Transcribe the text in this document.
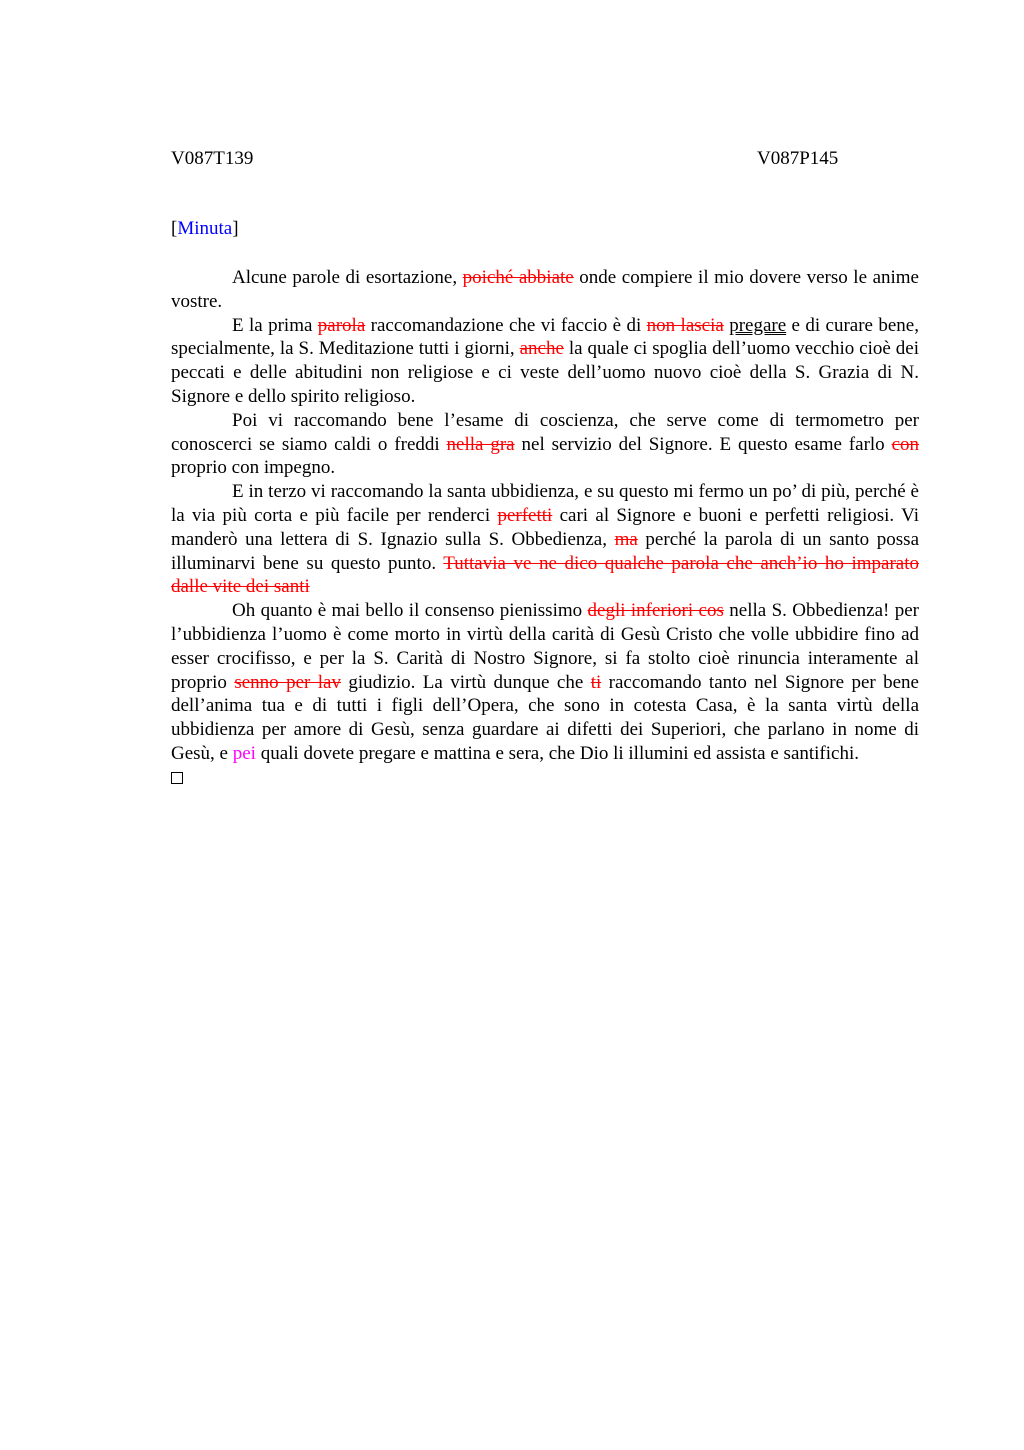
V087T139	V087P145
[Minuta]

Alcune parole di esortazione, poiché abbiate onde compiere il mio dovere verso le anime vostre.

E la prima parola raccomandazione che vi faccio è di non lascia pregare e di curare bene, specialmente, la S. Meditazione tutti i giorni, anche la quale ci spoglia dell’uomo vecchio cioè dei peccati e delle abitudini non religiose e ci veste dell’uomo nuovo cioè della S. Grazia di N. Signore e dello spirito religioso.

Poi vi raccomando bene l’esame di coscienza, che serve come di termometro per conoscerci se siamo caldi o freddi nella gra nel servizio del Signore. E questo esame farlo con proprio con impegno.

E in terzo vi raccomando la santa ubbidienza, e su questo mi fermo un po’ di più, perché è la via più corta e più facile per renderci perfetti cari al Signore e buoni e perfetti religiosi. Vi manderò una lettera di S. Ignazio sulla S. Obbedienza, ma perché la parola di un santo possa illuminarvi bene su questo punto. Tuttavia ve ne dico qualche parola che anch’io ho imparato dalle vite dei santi

Oh quanto è mai bello il consenso pienissimo degli inferiori cos nella S. Obbedienza! per l’ubbidienza l’uomo è come morto in virtù della carità di Gesù Cristo che volle ubbidire fino ad esser crocifisso, e per la S. Carità di Nostro Signore, si fa stolto cioè rinuncia interamente al proprio senno per lav giudizio. La virtù dunque che ti raccomando tanto nel Signore per bene dell’anima tua e di tutti i figli dell’Opera, che sono in cotesta Casa, è la santa virtù della ubbidienza per amore di Gesù, senza guardare ai difetti dei Superiori, che parlano in nome di Gesù, e pei quali dovete pregare e mattina e sera, che Dio li illumini ed assista e santifichi.
